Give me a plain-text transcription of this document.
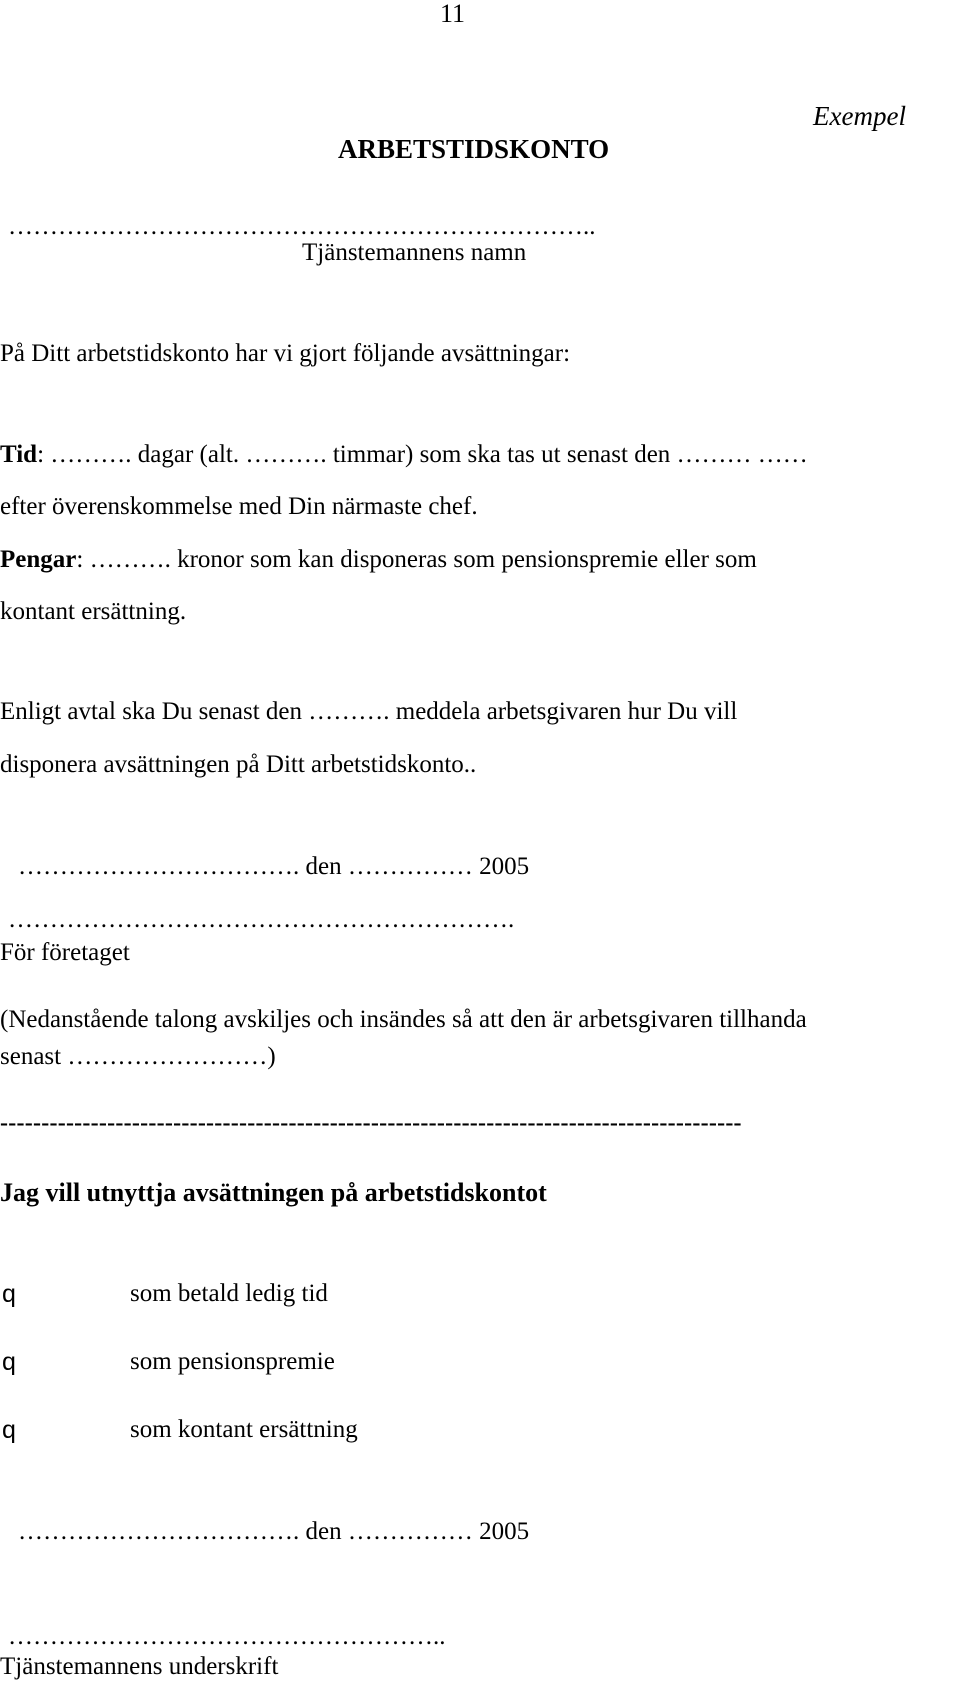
11
Exempel
ARBETSTIDSKONTO
……………………………………………………………..
Tjänstemannens namn
På Ditt arbetstidskonto har vi gjort följande avsättningar:
Tid: ………. dagar (alt. ………. timmar) som ska tas ut senast den ……… ……
efter överenskommelse med Din närmaste chef.
Pengar: ………. kronor som kan disponeras som pensionspremie eller som
kontant ersättning.
Enligt avtal ska Du senast den ………. meddela arbetsgivaren hur Du vill
disponera avsättningen på Ditt arbetstidskonto..
……………………………. den …………… 2005
…………………………………………………….
För företaget
(Nedanstående talong avskiljes och insändes så att den är arbetsgivaren tillhanda
senast ……………………)
------------------------------------------------------------------------------------------
Jag vill utnyttja avsättningen på arbetstidskontot
q	som betald ledig tid
q	som pensionspremie
q	som kontant ersättning
……………………………. den …………… 2005
……………………………………………..
Tjänstemannens underskrift
